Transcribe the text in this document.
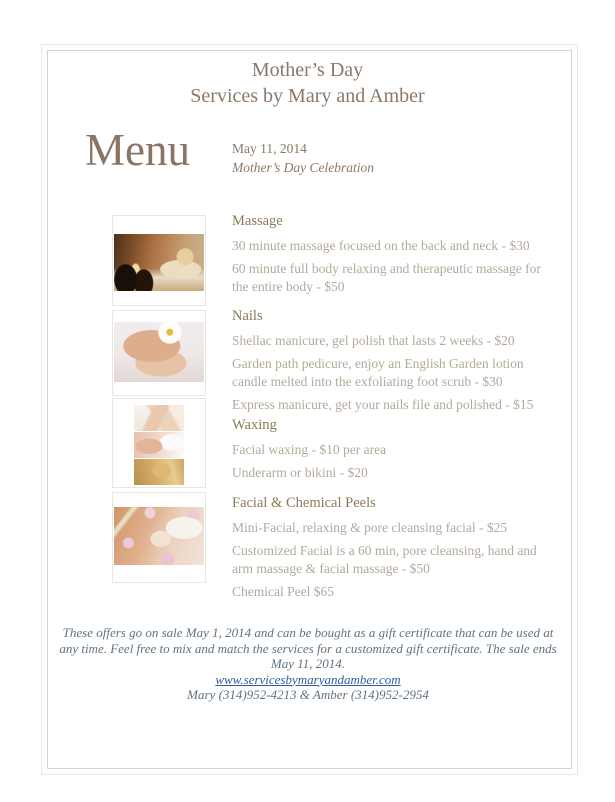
Mother’s Day
Services by Mary and Amber
Menu	May 11, 2014
Mother’s Day Celebration
Massage

30 minute massage focused on the back and neck - $30

60 minute full body relaxing and therapeutic massage for the entire body - $50

Nails

Shellac manicure, gel polish that lasts 2 weeks - $20

Garden path pedicure, enjoy an English Garden lotion candle melted into the exfoliating foot scrub - $30

Express manicure, get your nails file and polished - $15

Waxing

Facial waxing - $10 per area

Underarm or bikini - $20

Facial & Chemical Peels

Mini-Facial, relaxing & pore cleansing facial - $25

Customized Facial is a 60 min, pore cleansing, hand and arm massage & facial massage - $50

Chemical Peel $65

These offers go on sale May 1, 2014 and can be bought as a gift certificate that can be used at any time. Feel free to mix and match the services for a customized gift certificate. The sale ends May 11, 2014.

www.servicesbymaryandamber.com

Mary (314)952-4213 & Amber (314)952-2954
